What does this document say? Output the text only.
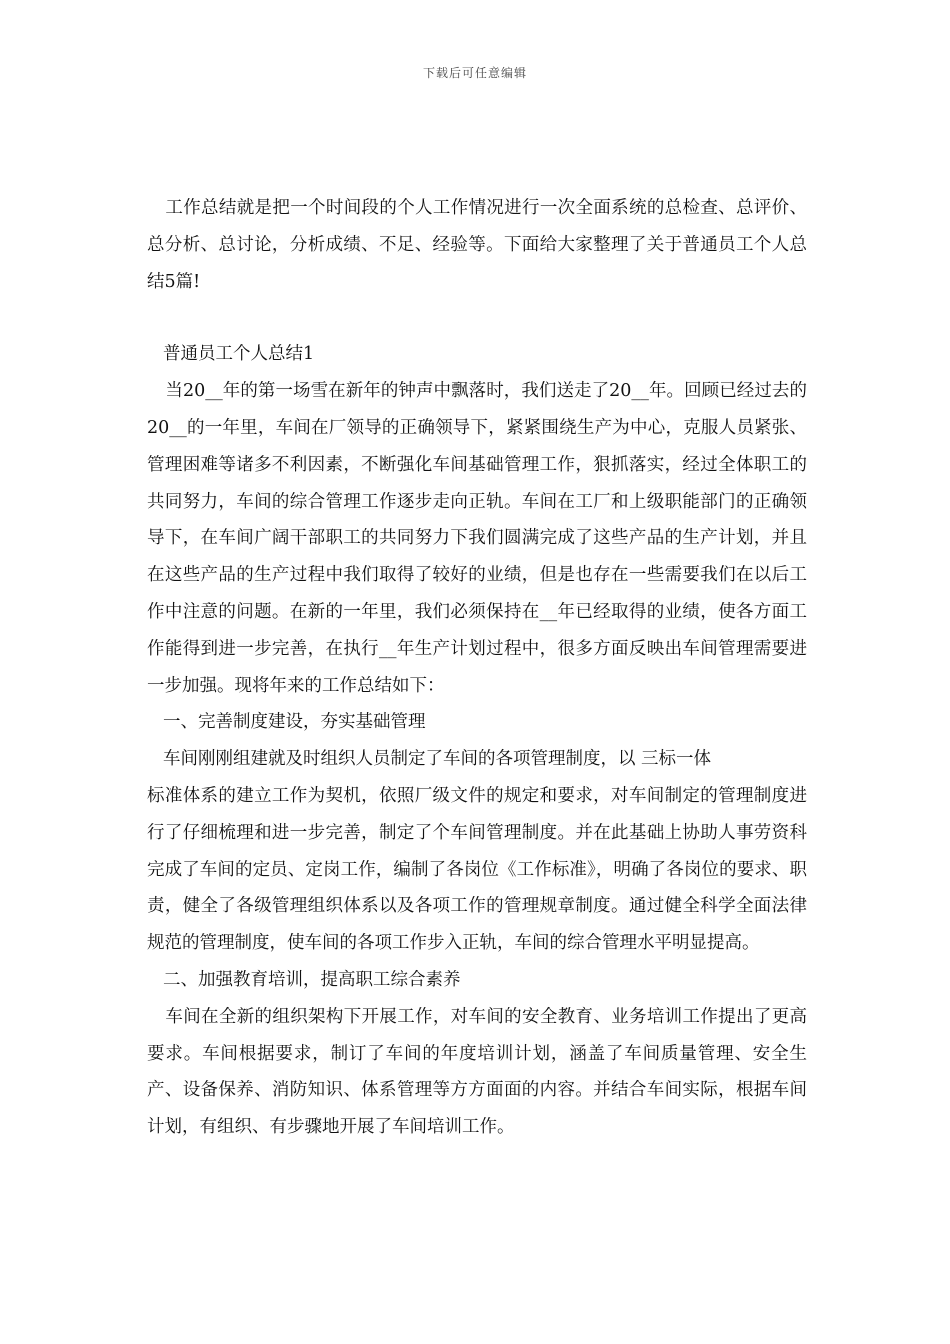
下载后可任意编辑

工作总结就是把一个时间段的个人工作情况进行一次全面系统的总检查、总评价、总分析、总讨论，分析成绩、不足、经验等。下面给大家整理了关于普通员工个人总结5篇!

普通员工个人总结1

当20__年的第一场雪在新年的钟声中飘落时，我们送走了20__年。回顾已经过去的20__的一年里，车间在厂领导的正确领导下，紧紧围绕生产为中心，克服人员紧张、管理困难等诸多不利因素，不断强化车间基础管理工作，狠抓落实，经过全体职工的共同努力，车间的综合管理工作逐步走向正轨。车间在工厂和上级职能部门的正确领导下，在车间广阔干部职工的共同努力下我们圆满完成了这些产品的生产计划，并且在这些产品的生产过程中我们取得了较好的业绩，但是也存在一些需要我们在以后工作中注意的问题。在新的一年里，我们必须保持在__年已经取得的业绩，使各方面工作能得到进一步完善，在执行__年生产计划过程中，很多方面反映出车间管理需要进一步加强。现将年来的工作总结如下：

一、完善制度建设，夯实基础管理

车间刚刚组建就及时组织人员制定了车间的各项管理制度，以 三标一体

标准体系的建立工作为契机，依照厂级文件的规定和要求，对车间制定的管理制度进行了仔细梳理和进一步完善，制定了个车间管理制度。并在此基础上协助人事劳资科完成了车间的定员、定岗工作，编制了各岗位《工作标准》，明确了各岗位的要求、职责，健全了各级管理组织体系以及各项工作的管理规章制度。通过健全科学全面法律规范的管理制度，使车间的各项工作步入正轨，车间的综合管理水平明显提高。

二、加强教育培训，提高职工综合素养

车间在全新的组织架构下开展工作，对车间的安全教育、业务培训工作提出了更高要求。车间根据要求，制订了车间的年度培训计划，涵盖了车间质量管理、安全生产、设备保养、消防知识、体系管理等方方面面的内容。并结合车间实际，根据车间计划，有组织、有步骤地开展了车间培训工作。
